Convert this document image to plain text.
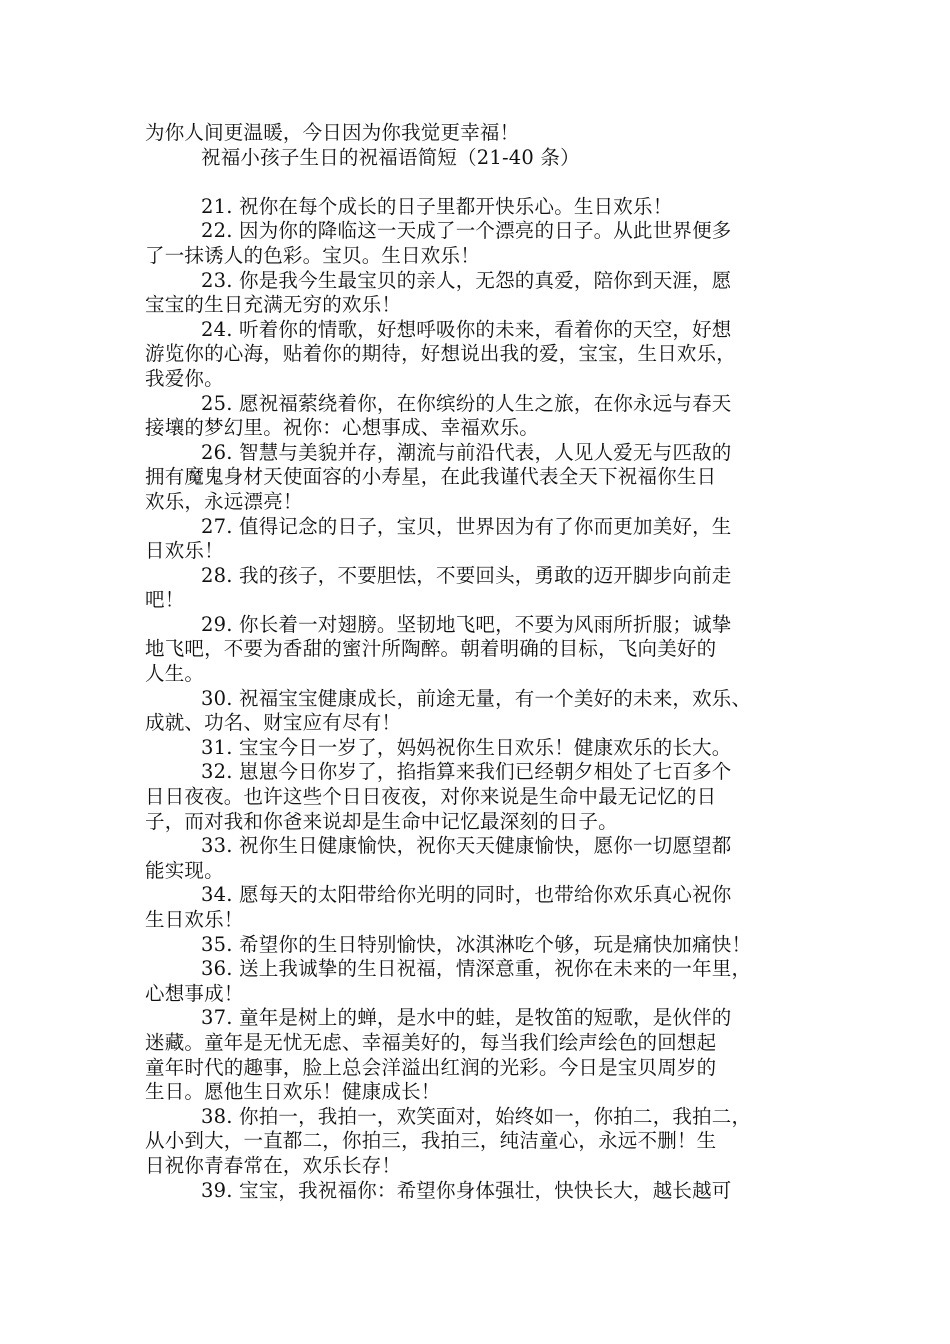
为你人间更温暖，今日因为你我觉更幸福！
祝福小孩子生日的祝福语简短（21-40 条）
21. 祝你在每个成长的日子里都开快乐心。生日欢乐！
22. 因为你的降临这一天成了一个漂亮的日子。从此世界便多
了一抹诱人的色彩。宝贝。生日欢乐！
23. 你是我今生最宝贝的亲人，无怨的真爱，陪你到天涯，愿
宝宝的生日充满无穷的欢乐！
24. 听着你的情歌，好想呼吸你的未来，看着你的天空，好想
游览你的心海，贴着你的期待，好想说出我的爱，宝宝，生日欢乐，
我爱你。
25. 愿祝福萦绕着你，在你缤纷的人生之旅，在你永远与春天
接壤的梦幻里。祝你：心想事成、幸福欢乐。
26. 智慧与美貌并存，潮流与前沿代表，人见人爱无与匹敌的
拥有魔鬼身材天使面容的小寿星，在此我谨代表全天下祝福你生日
欢乐，永远漂亮！
27. 值得记念的日子，宝贝，世界因为有了你而更加美好，生
日欢乐！
28. 我的孩子，不要胆怯，不要回头，勇敢的迈开脚步向前走
吧！
29. 你长着一对翅膀。坚韧地飞吧，不要为风雨所折服；诚挚
地飞吧，不要为香甜的蜜汁所陶醉。朝着明确的目标，飞向美好的
人生。
30. 祝福宝宝健康成长，前途无量，有一个美好的未来，欢乐、
成就、功名、财宝应有尽有！
31. 宝宝今日一岁了，妈妈祝你生日欢乐！健康欢乐的长大。
32. 崽崽今日你岁了，掐指算来我们已经朝夕相处了七百多个
日日夜夜。也许这些个日日夜夜，对你来说是生命中最无记忆的日
子，而对我和你爸来说却是生命中记忆最深刻的日子。
33. 祝你生日健康愉快，祝你天天健康愉快，愿你一切愿望都
能实现。
34. 愿每天的太阳带给你光明的同时，也带给你欢乐真心祝你
生日欢乐！
35. 希望你的生日特别愉快，冰淇淋吃个够，玩是痛快加痛快！
36. 送上我诚挚的生日祝福，情深意重，祝你在未来的一年里，
心想事成！
37. 童年是树上的蝉，是水中的蛙，是牧笛的短歌，是伙伴的
迷藏。童年是无忧无虑、幸福美好的，每当我们绘声绘色的回想起
童年时代的趣事，脸上总会洋溢出红润的光彩。今日是宝贝周岁的
生日。愿他生日欢乐！健康成长！
38. 你拍一，我拍一，欢笑面对，始终如一，你拍二，我拍二，
从小到大，一直都二，你拍三，我拍三，纯洁童心，永远不删！生
日祝你青春常在，欢乐长存！
39. 宝宝，我祝福你：希望你身体强壮，快快长大，越长越可
